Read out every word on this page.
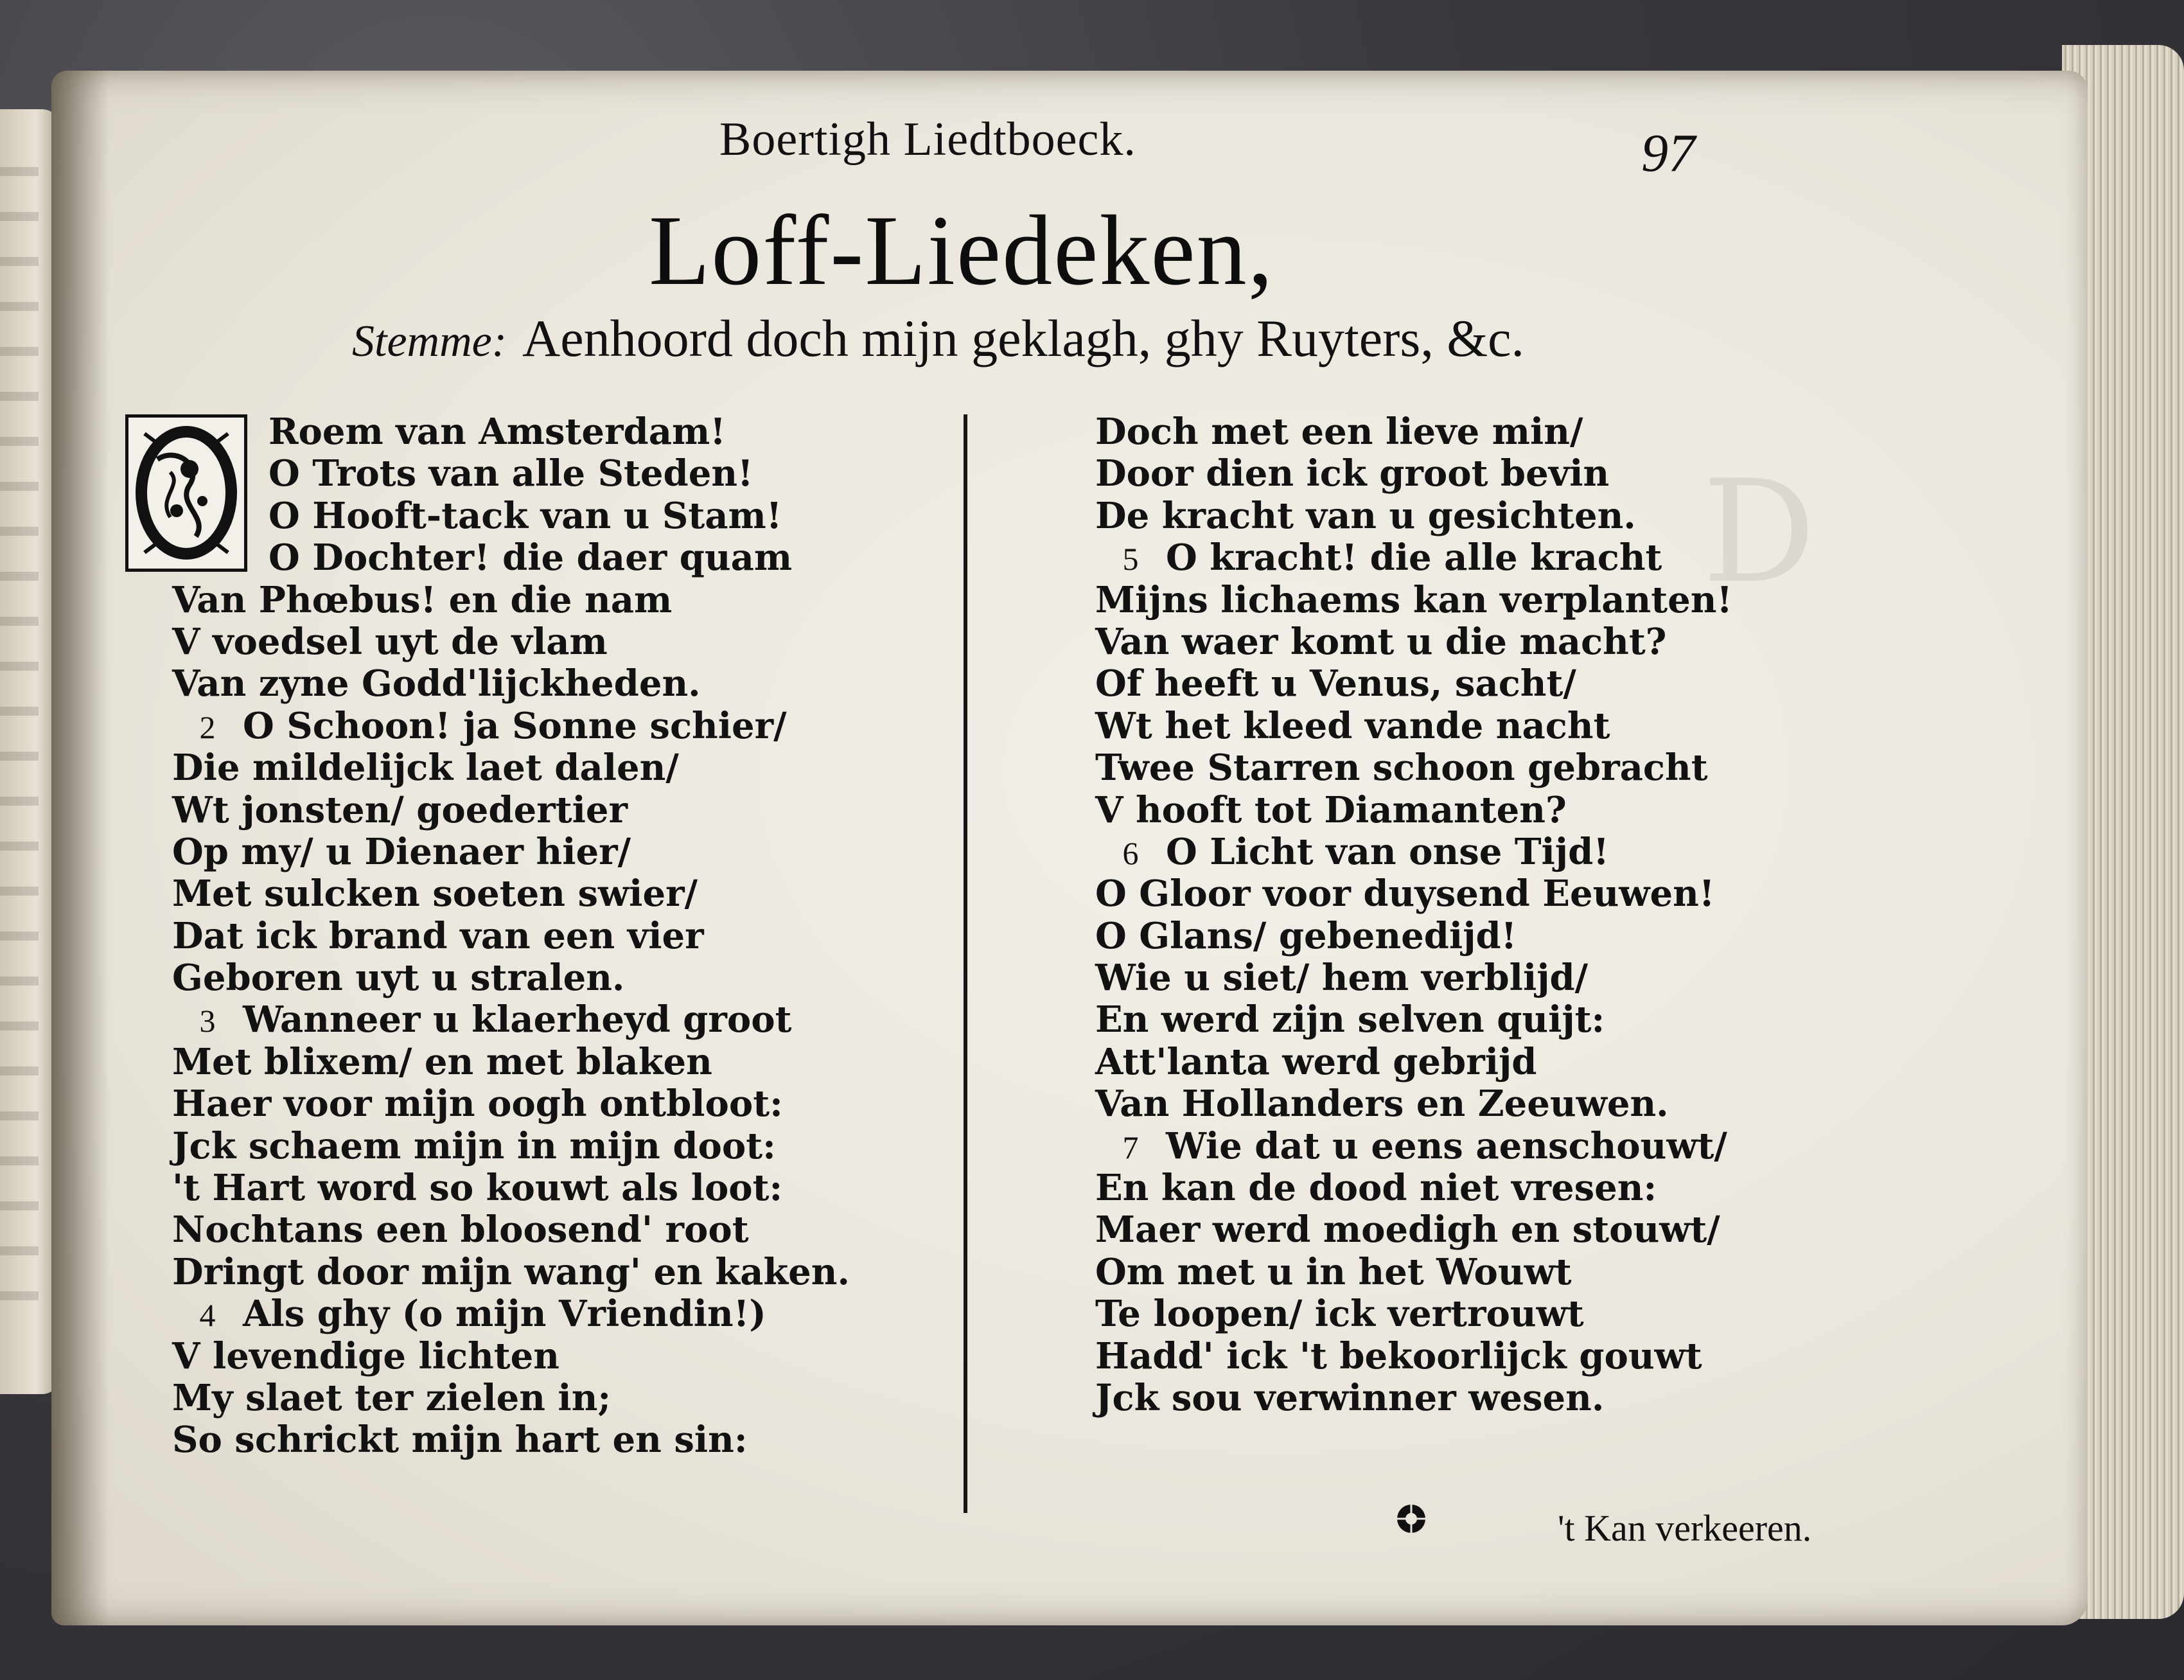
Boertigh Liedtboeck.	97
Loff-Liedeken,
Stemme: Aenhoord doch mijn geklagh, ghy Ruyters, &c.
Roem van Amsterdam!
O Trots van alle Steden!
O Hooft-tack van u Stam!
O Dochter! die daer quam
Van Phœbus! en die nam
V voedsel uyt de vlam
Van zyne Godd'lijckheden.
2 O Schoon! ja Sonne schier/
Die mildelijck laet dalen/
Wt jonsten/ goedertier
Op my/ u Dienaer hier/
Met sulcken soeten swier/
Dat ick brand van een vier
Geboren uyt u stralen.
3 Wanneer u klaerheyd groot
Met blixem/ en met blaken
Haer voor mijn oogh ontbloot:
Jck schaem mijn in mijn doot:
't Hart word so kouwt als loot:
Nochtans een bloosend' root
Dringt door mijn wang' en kaken.
4 Als ghy (o mijn Vriendin!)
V levendige lichten
My slaet ter zielen in;
So schrickt mijn hart en sin:
Doch met een lieve min/
Door dien ick groot bevin
De kracht van u gesichten.
5 O kracht! die alle kracht
Mijns lichaems kan verplanten!
Van waer komt u die macht?
Of heeft u Venus, sacht/
Wt het kleed vande nacht
Twee Starren schoon gebracht
V hooft tot Diamanten?
6 O Licht van onse Tijd!
O Gloor voor duysend Eeuwen!
O Glans/ gebenedijd!
Wie u siet/ hem verblijd/
En werd zijn selven quijt:
Att'lanta werd gebrijd
Van Hollanders en Zeeuwen.
7 Wie dat u eens aenschouwt/
En kan de dood niet vresen:
Maer werd moedigh en stouwt/
Om met u in het Wouwt
Te loopen/ ick vertrouwt
Hadd' ick 't bekoorlijck gouwt
Jck sou verwinner wesen.
't Kan verkeeren.
